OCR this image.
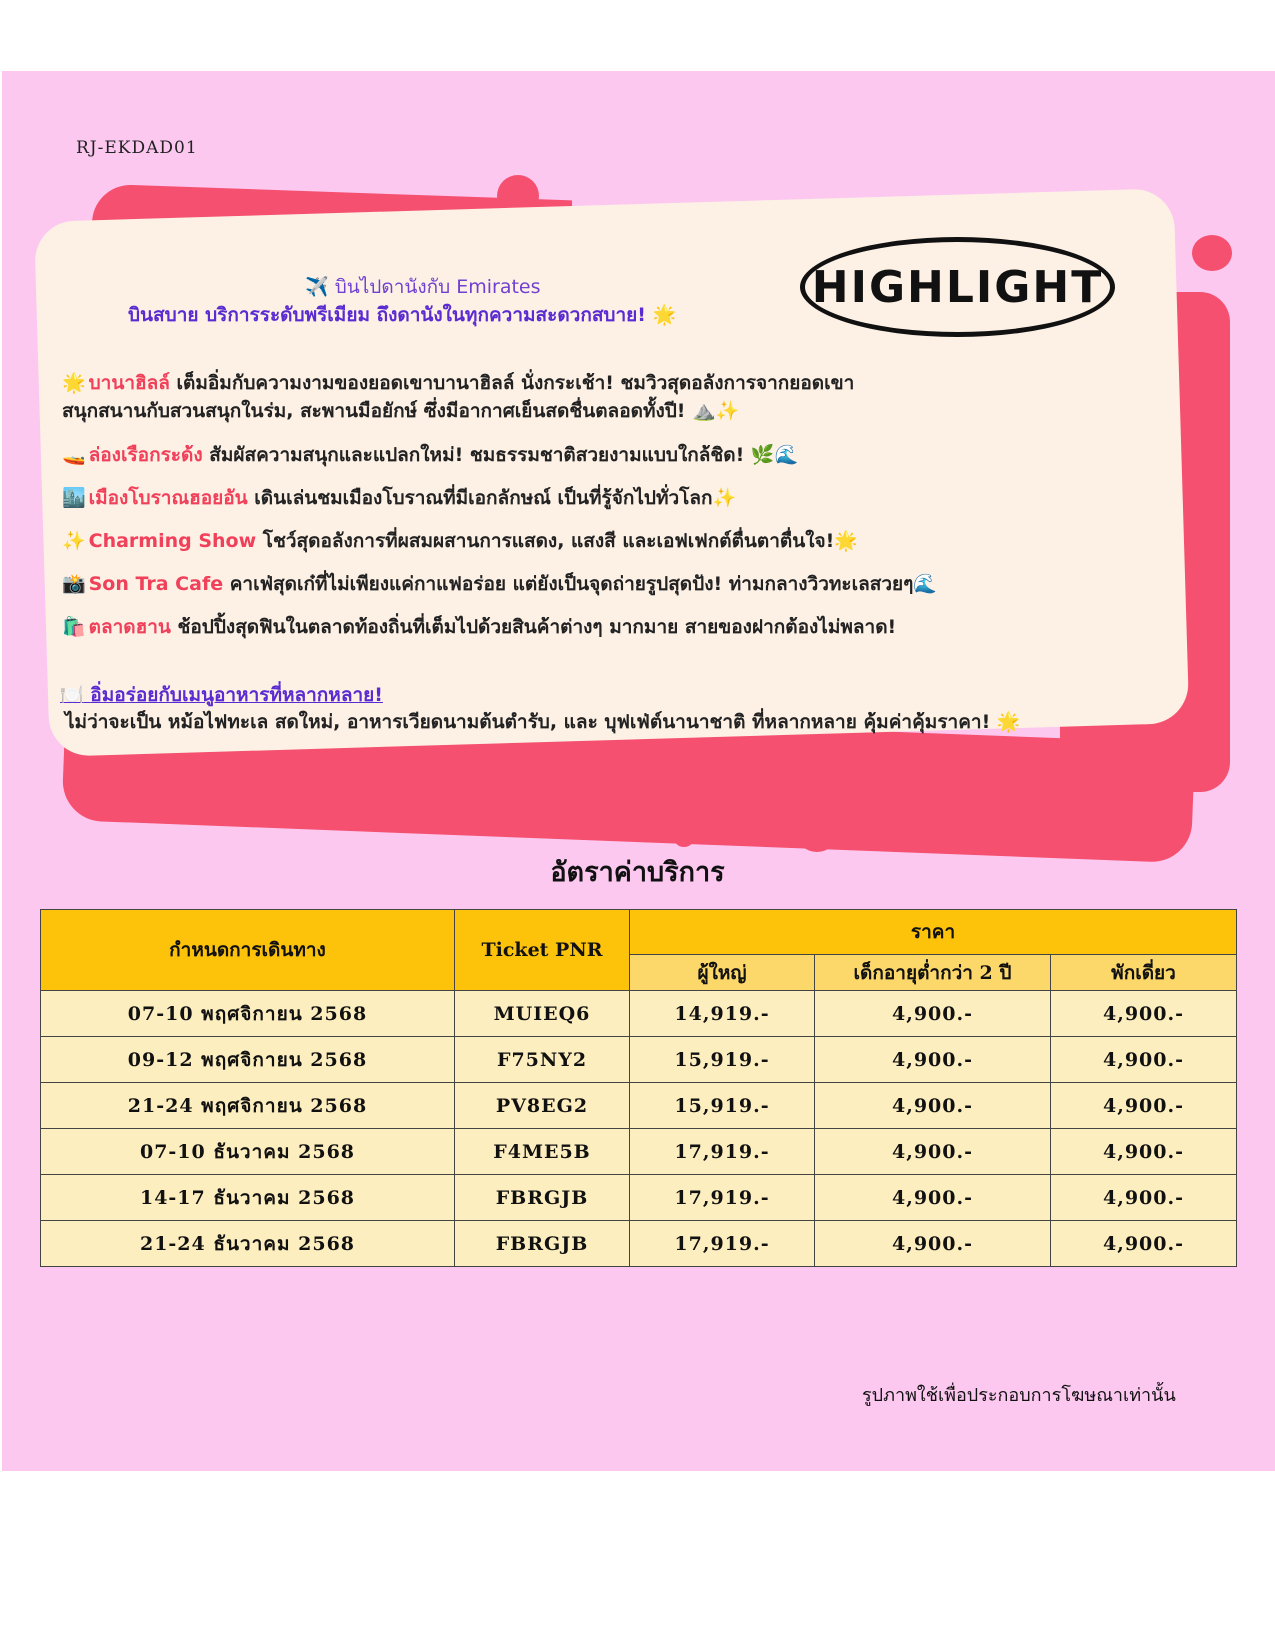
RJ-EKDAD01
HIGHLIGHT
✈️ บินไปดานังกับ Emirates
บินสบาย บริการระดับพรีเมียม ถึงดานังในทุกความสะดวกสบาย! 🌟
🌟 บานาฮิลล์ เต็มอิ่มกับความงามของยอดเขาบานาฮิลล์ นั่งกระเช้า! ชมวิวสุดอลังการจากยอดเขา
สนุกสนานกับสวนสนุกในร่ม, สะพานมือยักษ์ ซึ่งมีอากาศเย็นสดชื่นตลอดทั้งปี! ⛰️✨
🚤 ล่องเรือกระด้ง สัมผัสความสนุกและแปลกใหม่! ชมธรรมชาติสวยงามแบบใกล้ชิด! 🌿🌊
🏙️ เมืองโบราณฮอยอัน เดินเล่นชมเมืองโบราณที่มีเอกลักษณ์ เป็นที่รู้จักไปทั่วโลก✨
✨ Charming Show โชว์สุดอลังการที่ผสมผสานการแสดง, แสงสี และเอฟเฟกต์ตื่นตาตื่นใจ!🌟
📸 Son Tra Cafe คาเฟ่สุดเก๋ที่ไม่เพียงแค่กาแฟอร่อย แต่ยังเป็นจุดถ่ายรูปสุดปัง! ท่ามกลางวิวทะเลสวยๆ🌊
🛍️ ตลาดฮาน ช้อปปิ้งสุดฟินในตลาดท้องถิ่นที่เต็มไปด้วยสินค้าต่างๆ มากมาย สายของฝากต้องไม่พลาด!
🍽️ อิ่มอร่อยกับเมนูอาหารที่หลากหลาย!
ไม่ว่าจะเป็น หม้อไฟทะเล สดใหม่, อาหารเวียดนามต้นตำรับ, และ บุฟเฟ่ต์นานาชาติ ที่หลากหลาย คุ้มค่าคุ้มราคา! 🌟
อัตราค่าบริการ
กำหนดการเดินทาง	Ticket PNR	ราคา		
		ผู้ใหญ่	เด็กอายุต่ำกว่า 2 ปี	พักเดี่ยว
07-10 พฤศจิกายน 2568	MUIEQ6	14,919.-	4,900.-	4,900.-
09-12 พฤศจิกายน 2568	F75NY2	15,919.-	4,900.-	4,900.-
21-24 พฤศจิกายน 2568	PV8EG2	15,919.-	4,900.-	4,900.-
07-10 ธันวาคม 2568	F4ME5B	17,919.-	4,900.-	4,900.-
14-17 ธันวาคม 2568	FBRGJB	17,919.-	4,900.-	4,900.-
21-24 ธันวาคม 2568	FBRGJB	17,919.-	4,900.-	4,900.-
รูปภาพใช้เพื่อประกอบการโฆษณาเท่านั้น
